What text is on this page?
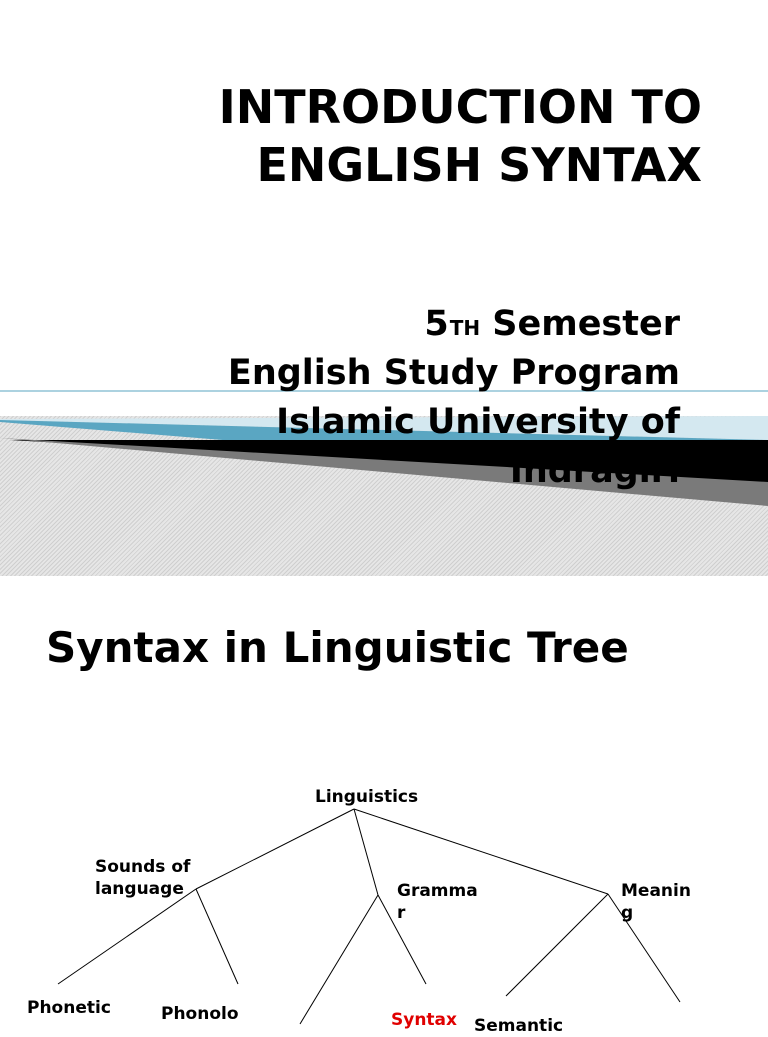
INTRODUCTION TO
ENGLISH SYNTAX
5TH Semester
English Study Program
Islamic University of
Indragiri
Syntax in Linguistic Tree
Linguistics
Sounds of
language	Gramma
r
Meanin
g
Phonetic	Phonolo	Syntax Semantic
